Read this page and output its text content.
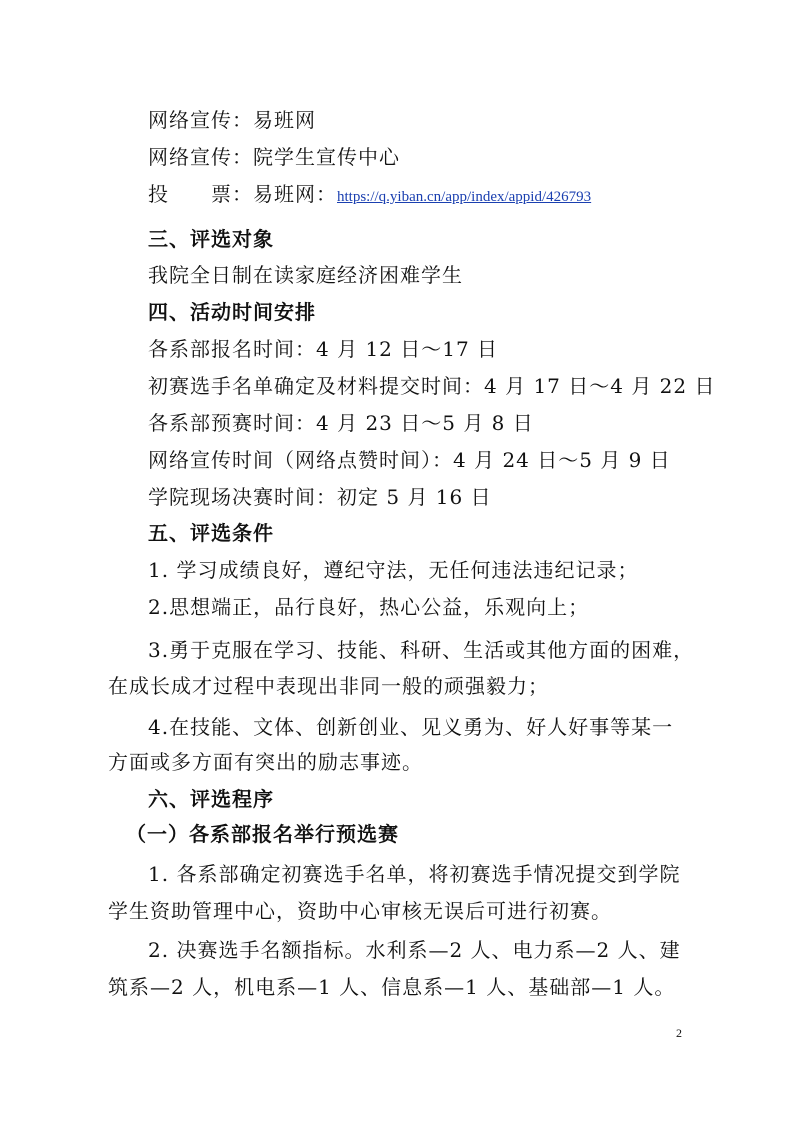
网络宣传：易班网
网络宣传：院学生宣传中心
投　　票：易班网：https://q.yiban.cn/app/index/appid/426793
三、评选对象
我院全日制在读家庭经济困难学生
四、活动时间安排
各系部报名时间：4 月 12 日～17 日
初赛选手名单确定及材料提交时间：4 月 17 日～4 月 22 日
各系部预赛时间：4 月 23 日～5 月 8 日
网络宣传时间（网络点赞时间）：4 月 24 日～5 月 9 日
学院现场决赛时间：初定 5 月 16 日
五、评选条件
1. 学习成绩良好，遵纪守法，无任何违法违纪记录；
2.思想端正，品行良好，热心公益，乐观向上；
3.勇于克服在学习、技能、科研、生活或其他方面的困难，
在成长成才过程中表现出非同一般的顽强毅力；
4.在技能、文体、创新创业、见义勇为、好人好事等某一
方面或多方面有突出的励志事迹。
六、评选程序
（一）各系部报名举行预选赛
1. 各系部确定初赛选手名单，将初赛选手情况提交到学院
学生资助管理中心，资助中心审核无误后可进行初赛。
2. 决赛选手名额指标。水利系—2 人、电力系—2 人、建
筑系—2 人，机电系—1 人、信息系—1 人、基础部—1 人。
2
